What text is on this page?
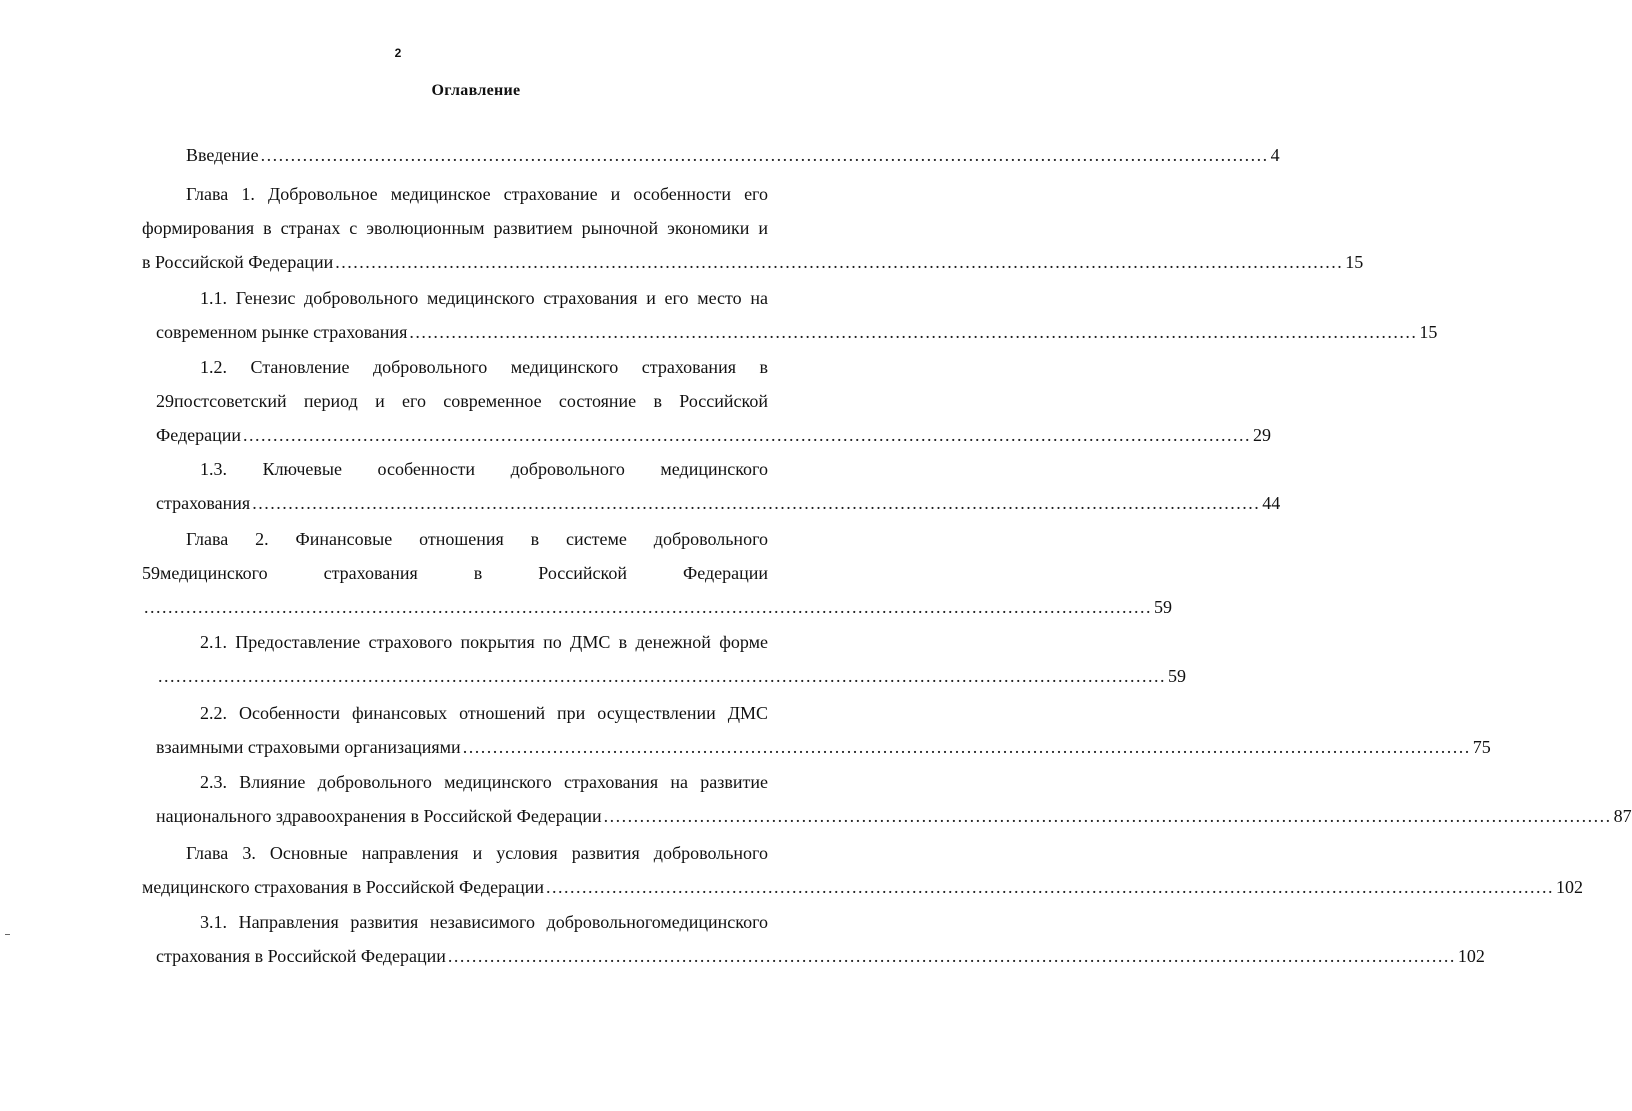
2
Оглавление
Введение ........................................................................................................................................................................ 4
Глава 1. Добровольное медицинское страхование и особенности его
формирования в странах с эволюционным развитием рыночной экономики и
в Российской Федерации ........................................................................................................................................................................ 15
1.1. Генезис добровольного медицинского страхования и его место на
современном рынке страхования ........................................................................................................................................................................ 15
1.2. Становление добровольного медицинского страхования в
29постсоветский период и его современное состояние в Российской
Федерации ........................................................................................................................................................................ 29
1.3. Ключевые особенности добровольного медицинского
страхования ........................................................................................................................................................................ 44
Глава 2. Финансовые отношения в системе добровольного
59медицинского страхования в Российской Федерации
........................................................................................................................................................................ 59
2.1. Предоставление страхового покрытия по ДМС в денежной форме
........................................................................................................................................................................ 59
2.2. Особенности финансовых отношений при осуществлении ДМС
взаимными страховыми организациями ........................................................................................................................................................................ 75
2.3. Влияние добровольного медицинского страхования на развитие
национального здравоохранения в Российской Федерации ........................................................................................................................................................................ 87
Глава 3. Основные направления и условия развития добровольного
медицинского страхования в Российской Федерации ........................................................................................................................................................................ 102
3.1. Направления развития независимого добровольногомедицинского
страхования в Российской Федерации ........................................................................................................................................................................ 102
